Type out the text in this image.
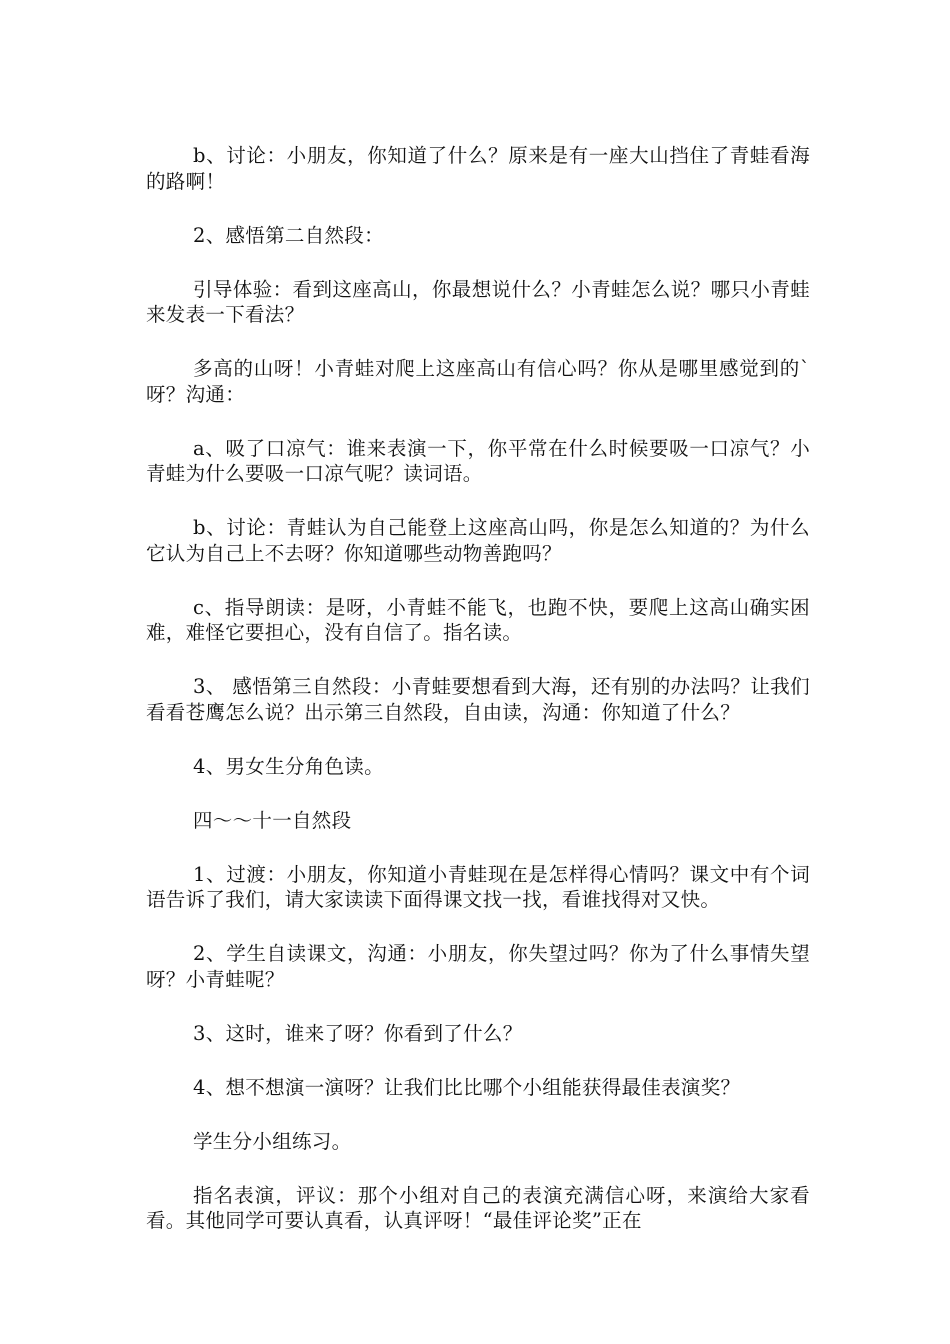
b、讨论：小朋友，你知道了什么？原来是有一座大山挡住了青蛙看海的路啊！

2、感悟第二自然段：

引导体验：看到这座高山，你最想说什么？小青蛙怎么说？哪只小青蛙来发表一下看法？

多高的山呀！小青蛙对爬上这座高山有信心吗？你从是哪里感觉到的`呀？沟通：

a、吸了口凉气：谁来表演一下，你平常在什么时候要吸一口凉气？小青蛙为什么要吸一口凉气呢？读词语。

b、讨论：青蛙认为自己能登上这座高山吗，你是怎么知道的？为什么它认为自己上不去呀？你知道哪些动物善跑吗？

c、指导朗读：是呀，小青蛙不能飞，也跑不快，要爬上这高山确实困难，难怪它要担心，没有自信了。指名读。

3、 感悟第三自然段：小青蛙要想看到大海，还有别的办法吗？让我们看看苍鹰怎么说？出示第三自然段，自由读，沟通：你知道了什么？

4、男女生分角色读。

四～～十一自然段

1、过渡：小朋友，你知道小青蛙现在是怎样得心情吗？课文中有个词语告诉了我们，请大家读读下面得课文找一找，看谁找得对又快。

2、学生自读课文，沟通：小朋友，你失望过吗？你为了什么事情失望呀？小青蛙呢？

3、这时，谁来了呀？你看到了什么？

4、想不想演一演呀？让我们比比哪个小组能获得最佳表演奖？

学生分小组练习。

指名表演，评议：那个小组对自己的表演充满信心呀，来演给大家看看。其他同学可要认真看，认真评呀！“最佳评论奖”正在
